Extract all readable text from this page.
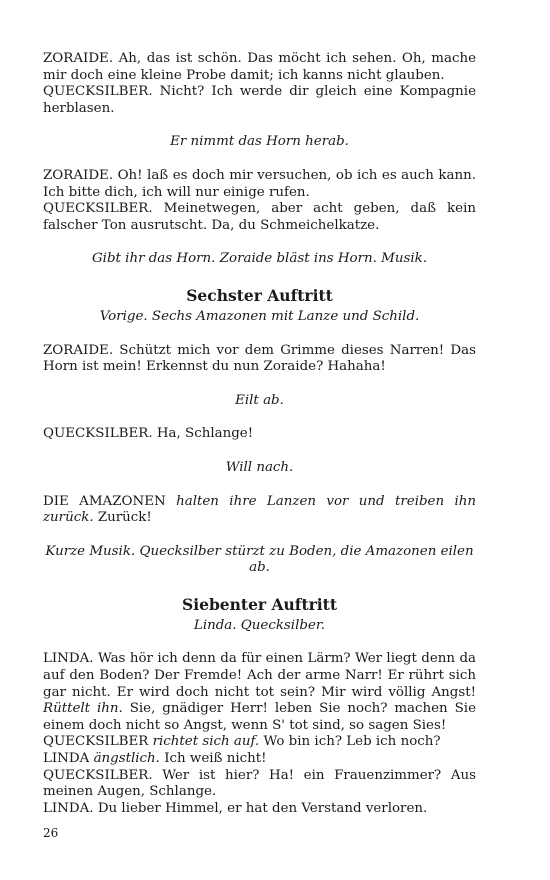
ZORAIDE. Ah, das ist schön. Das möcht ich sehen. Oh, mache mir doch eine kleine Probe damit; ich kanns nicht glauben.

QUECKSILBER. Nicht? Ich werde dir gleich eine Kompagnie herblasen.

Er nimmt das Horn herab.

ZORAIDE. Oh! laß es doch mir versuchen, ob ich es auch kann. Ich bitte dich, ich will nur einige rufen.

QUECKSILBER. Meinetwegen, aber acht geben, daß kein falscher Ton ausrutscht. Da, du Schmeichelkatze.

Gibt ihr das Horn. Zoraide bläst ins Horn. Musik.

Sechster Auftritt

Vorige. Sechs Amazonen mit Lanze und Schild.

ZORAIDE. Schützt mich vor dem Grimme dieses Narren! Das Horn ist mein! Erkennst du nun Zoraide? Hahaha!

Eilt ab.

QUECKSILBER. Ha, Schlange!

Will nach.

DIE AMAZONEN halten ihre Lanzen vor und treiben ihn zurück. Zurück!

Kurze Musik. Quecksilber stürzt zu Boden, die Amazonen eilen ab.

Siebenter Auftritt

Linda. Quecksilber.

LINDA. Was hör ich denn da für einen Lärm? Wer liegt denn da auf den Boden? Der Fremde! Ach der arme Narr! Er rührt sich gar nicht. Er wird doch nicht tot sein? Mir wird völlig Angst! Rüttelt ihn. Sie, gnädiger Herr! leben Sie noch? machen Sie einem doch nicht so Angst, wenn S' tot sind, so sagen Sies!

QUECKSILBER richtet sich auf. Wo bin ich? Leb ich noch?

LINDA ängstlich. Ich weiß nicht!

QUECKSILBER. Wer ist hier? Ha! ein Frauenzimmer? Aus meinen Augen, Schlange.

LINDA. Du lieber Himmel, er hat den Verstand verloren.

26
